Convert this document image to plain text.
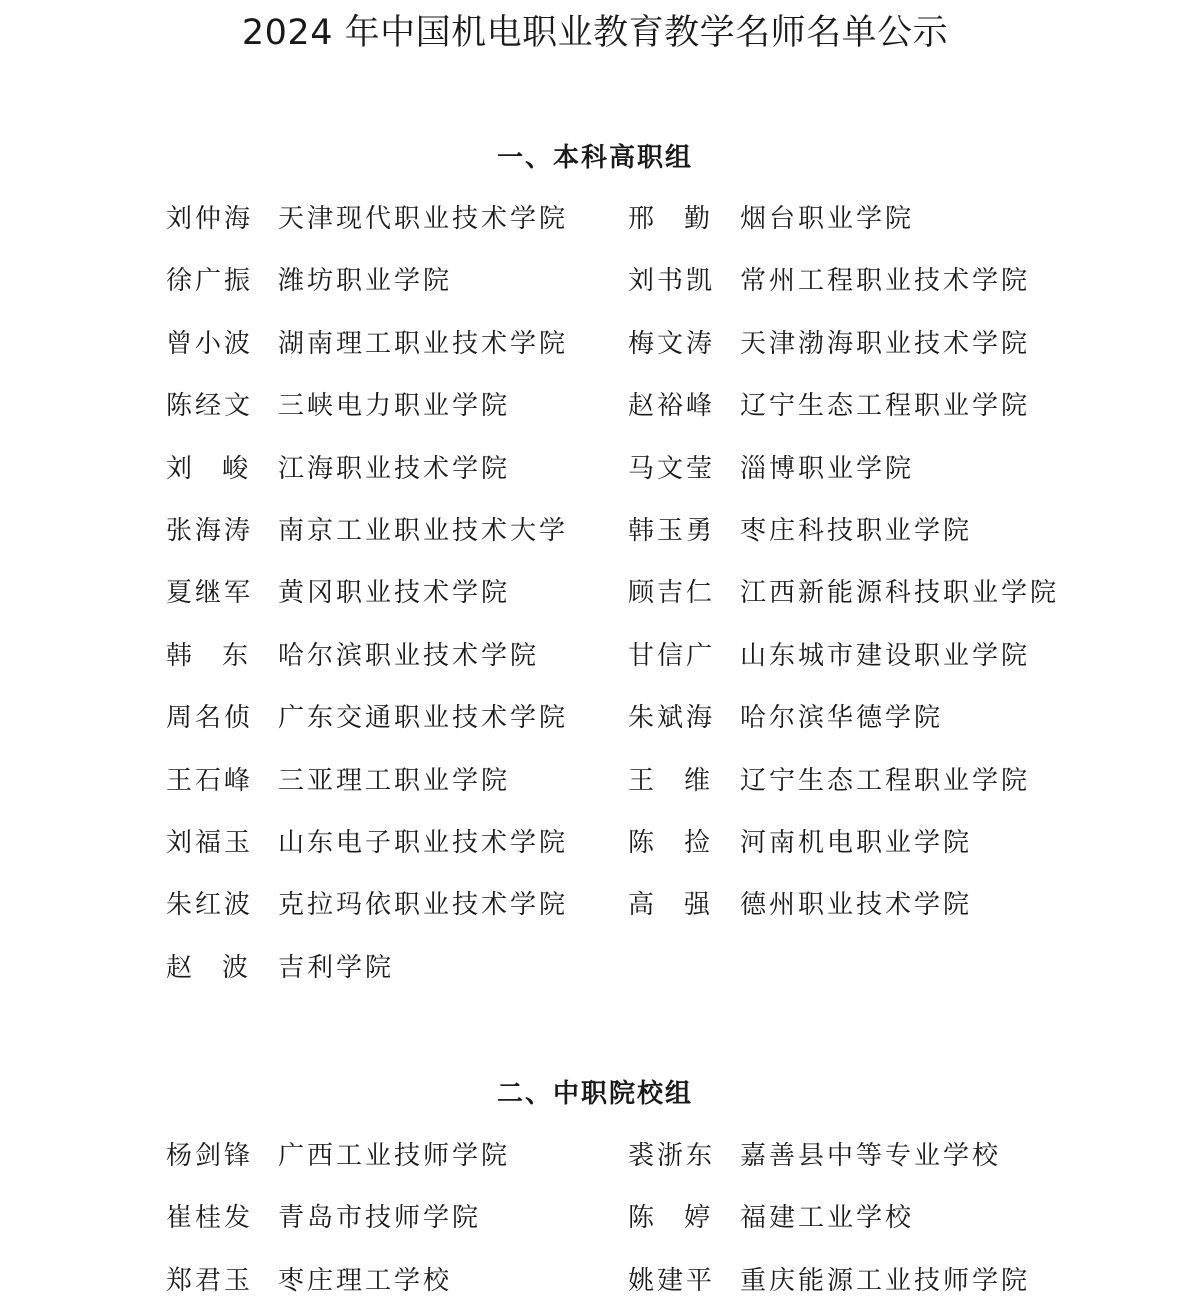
2024 年中国机电职业教育教学名师名单公示
一、本科高职组
刘仲海 天津现代职业技术学院
徐广振 潍坊职业学院
曾小波 湖南理工职业技术学院
陈经文 三峡电力职业学院
刘 峻 江海职业技术学院
张海涛 南京工业职业技术大学
夏继军 黄冈职业技术学院
韩 东 哈尔滨职业技术学院
周名侦 广东交通职业技术学院
王石峰 三亚理工职业学院
刘福玉 山东电子职业技术学院
朱红波 克拉玛依职业技术学院
赵 波 吉利学院
邢 勤 烟台职业学院
刘书凯 常州工程职业技术学院
梅文涛 天津渤海职业技术学院
赵裕峰 辽宁生态工程职业学院
马文莹 淄博职业学院
韩玉勇 枣庄科技职业学院
顾吉仁 江西新能源科技职业学院
甘信广 山东城市建设职业学院
朱斌海 哈尔滨华德学院
王 维 辽宁生态工程职业学院
陈 捡 河南机电职业学院
高 强 德州职业技术学院
二、中职院校组
杨剑锋 广西工业技师学院
崔桂发 青岛市技师学院
郑君玉 枣庄理工学校
裘浙东 嘉善县中等专业学校
陈 婷 福建工业学校
姚建平 重庆能源工业技师学院
